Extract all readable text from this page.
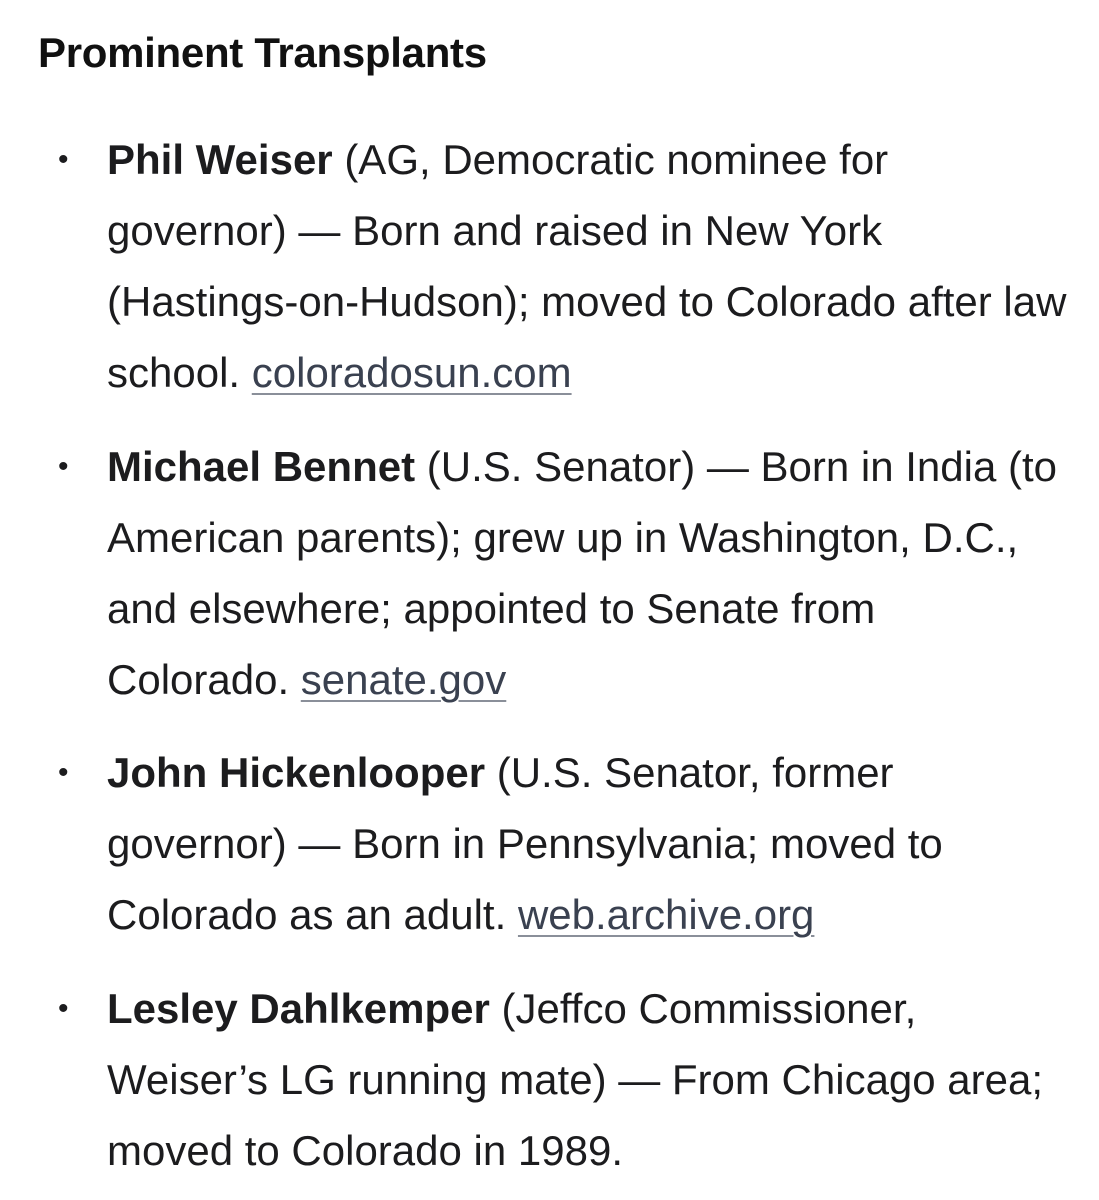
Prominent Transplants
• Phil Weiser (AG, Democratic nominee for governor) — Born and raised in New York (Hastings-on-Hudson); moved to Colorado after law school. coloradosun.com
• Michael Bennet (U.S. Senator) — Born in India (to American parents); grew up in Washington, D.C., and elsewhere; appointed to Senate from Colorado. senate.gov
• John Hickenlooper (U.S. Senator, former governor) — Born in Pennsylvania; moved to Colorado as an adult. web.archive.org
• Lesley Dahlkemper (Jeffco Commissioner, Weiser’s LG running mate) — From Chicago area; moved to Colorado in 1989.
